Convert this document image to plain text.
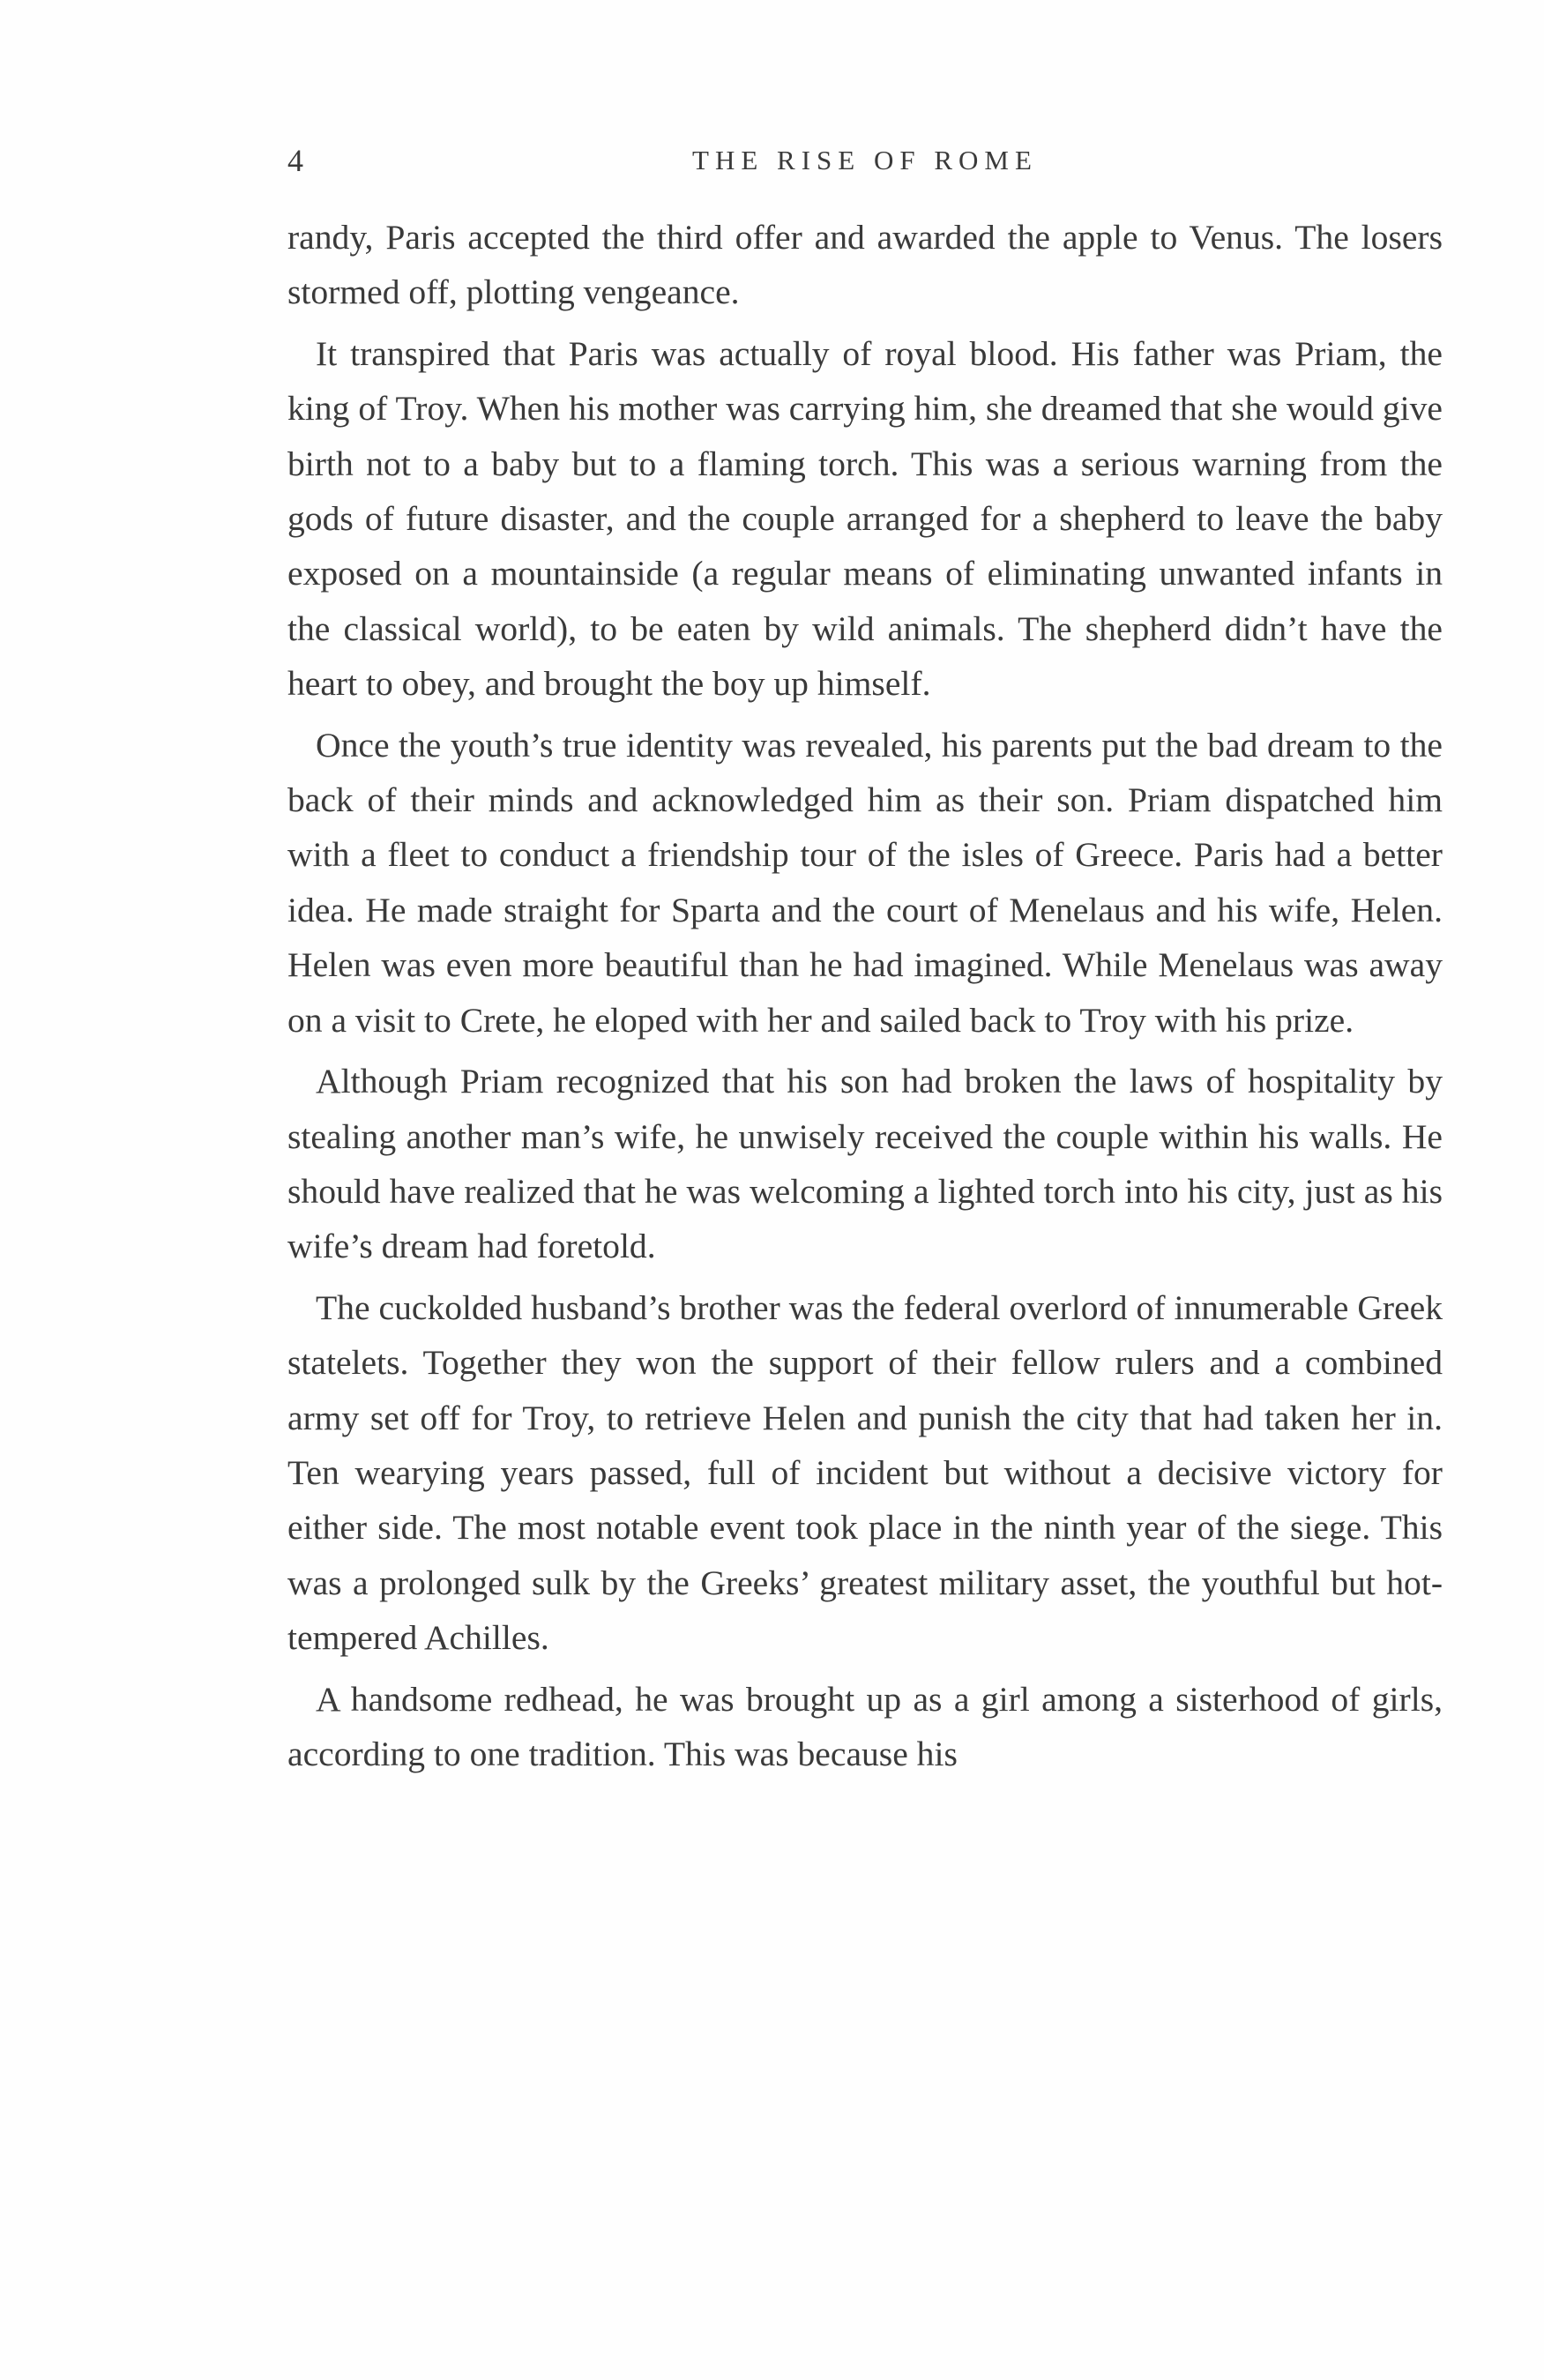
4	THE RISE OF ROME

randy, Paris accepted the third offer and awarded the apple to Venus. The losers stormed off, plotting vengeance.

It transpired that Paris was actually of royal blood. His father was Priam, the king of Troy. When his mother was carrying him, she dreamed that she would give birth not to a baby but to a flaming torch. This was a serious warning from the gods of future disaster, and the couple arranged for a shepherd to leave the baby exposed on a mountainside (a regular means of eliminating unwanted infants in the classical world), to be eaten by wild animals. The shepherd didn’t have the heart to obey, and brought the boy up himself.

Once the youth’s true identity was revealed, his parents put the bad dream to the back of their minds and acknowledged him as their son. Priam dispatched him with a fleet to conduct a friendship tour of the isles of Greece. Paris had a better idea. He made straight for Sparta and the court of Menelaus and his wife, Helen. Helen was even more beautiful than he had imagined. While Menelaus was away on a visit to Crete, he eloped with her and sailed back to Troy with his prize.

Although Priam recognized that his son had broken the laws of hospitality by stealing another man’s wife, he unwisely received the couple within his walls. He should have realized that he was welcoming a lighted torch into his city, just as his wife’s dream had foretold.

The cuckolded husband’s brother was the federal overlord of innumerable Greek statelets. Together they won the support of their fellow rulers and a combined army set off for Troy, to retrieve Helen and punish the city that had taken her in. Ten wearying years passed, full of incident but without a decisive victory for either side. The most notable event took place in the ninth year of the siege. This was a prolonged sulk by the Greeks’ greatest military asset, the youthful but hot-tempered Achilles.

A handsome redhead, he was brought up as a girl among a sisterhood of girls, according to one tradition. This was because his
